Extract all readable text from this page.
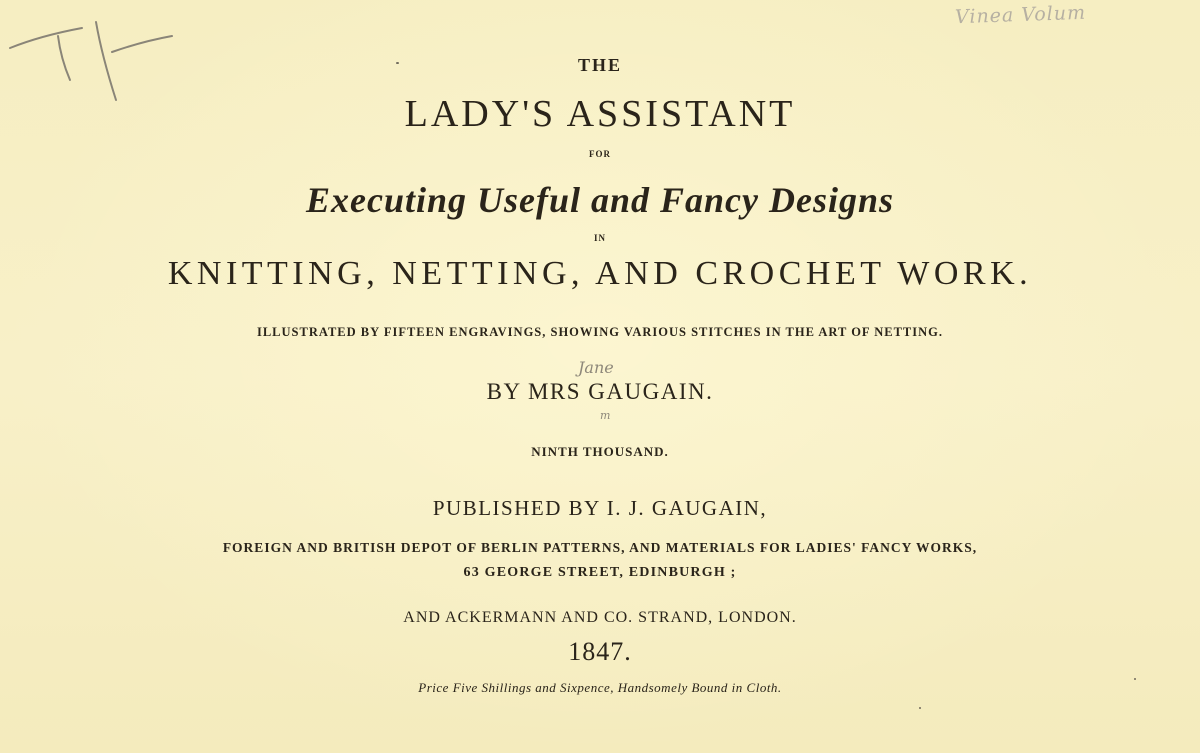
Vinea Volum
THE
LADY'S ASSISTANT
FOR
Executing Useful and Fancy Designs
IN
KNITTING, NETTING, AND CROCHET WORK.
ILLUSTRATED BY FIFTEEN ENGRAVINGS, SHOWING VARIOUS STITCHES IN THE ART OF NETTING.
Jane
BY MRS GAUGAIN.
m
NINTH THOUSAND.
PUBLISHED BY I. J. GAUGAIN,
FOREIGN AND BRITISH DEPOT OF BERLIN PATTERNS, AND MATERIALS FOR LADIES' FANCY WORKS,
63 GEORGE STREET, EDINBURGH ;
AND ACKERMANN AND CO. STRAND, LONDON.
1847.
Price Five Shillings and Sixpence, Handsomely Bound in Cloth.
